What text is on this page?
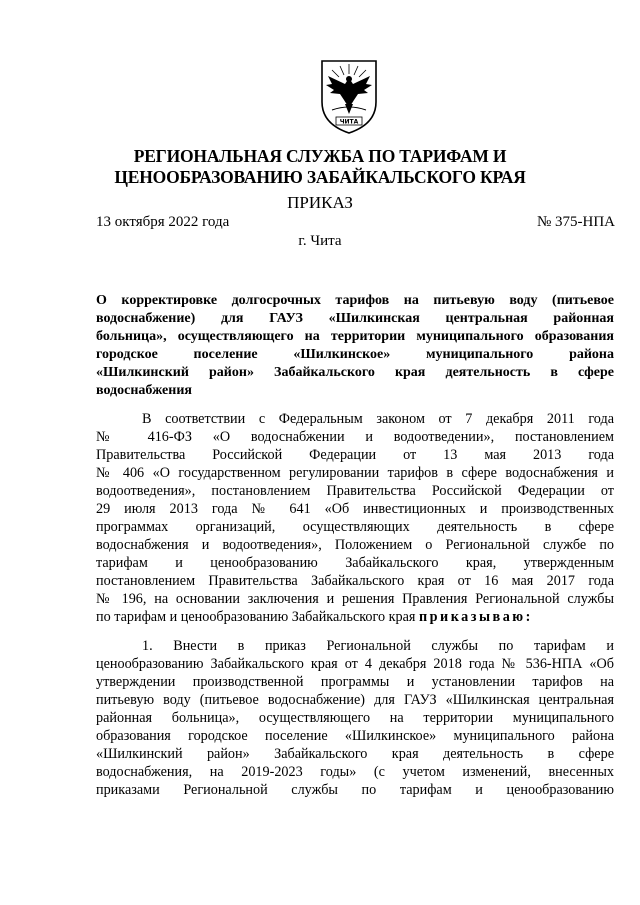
ЧИТА
РЕГИОНАЛЬНАЯ СЛУЖБА ПО ТАРИФАМ И
ЦЕНООБРАЗОВАНИЮ ЗАБАЙКАЛЬСКОГО КРАЯ
ПРИКАЗ
13 октября 2022 года	№ 375-НПА
г. Чита
О корректировке долгосрочных тарифов на питьевую воду (питьевое
водоснабжение) для ГАУЗ «Шилкинская центральная районная
больница», осуществляющего на территории муниципального образования
городское поселение «Шилкинское» муниципального района
«Шилкинский район» Забайкальского края деятельность в сфере
водоснабжения
В соответствии с Федеральным законом от 7 декабря 2011 года
№ 416-ФЗ «О водоснабжении и водоотведении», постановлением
Правительства Российской Федерации от 13 мая 2013 года
№ 406 «О государственном регулировании тарифов в сфере водоснабжения и
водоотведения», постановлением Правительства Российской Федерации от
29 июля 2013 года № 641 «Об инвестиционных и производственных
программах организаций, осуществляющих деятельность в сфере
водоснабжения и водоотведения», Положением о Региональной службе по
тарифам и ценообразованию Забайкальского края, утвержденным
постановлением Правительства Забайкальского края от 16 мая 2017 года
№ 196, на основании заключения и решения Правления Региональной службы
по тарифам и ценообразованию Забайкальского края приказываю:
1. Внести в приказ Региональной службы по тарифам и
ценообразованию Забайкальского края от 4 декабря 2018 года № 536-НПА «Об
утверждении производственной программы и установлении тарифов на
питьевую воду (питьевое водоснабжение) для ГАУЗ «Шилкинская центральная
районная больница», осуществляющего на территории муниципального
образования городское поселение «Шилкинское» муниципального района
«Шилкинский район» Забайкальского края деятельность в сфере
водоснабжения, на 2019-2023 годы» (с учетом изменений, внесенных
приказами Региональной службы по тарифам и ценообразованию
